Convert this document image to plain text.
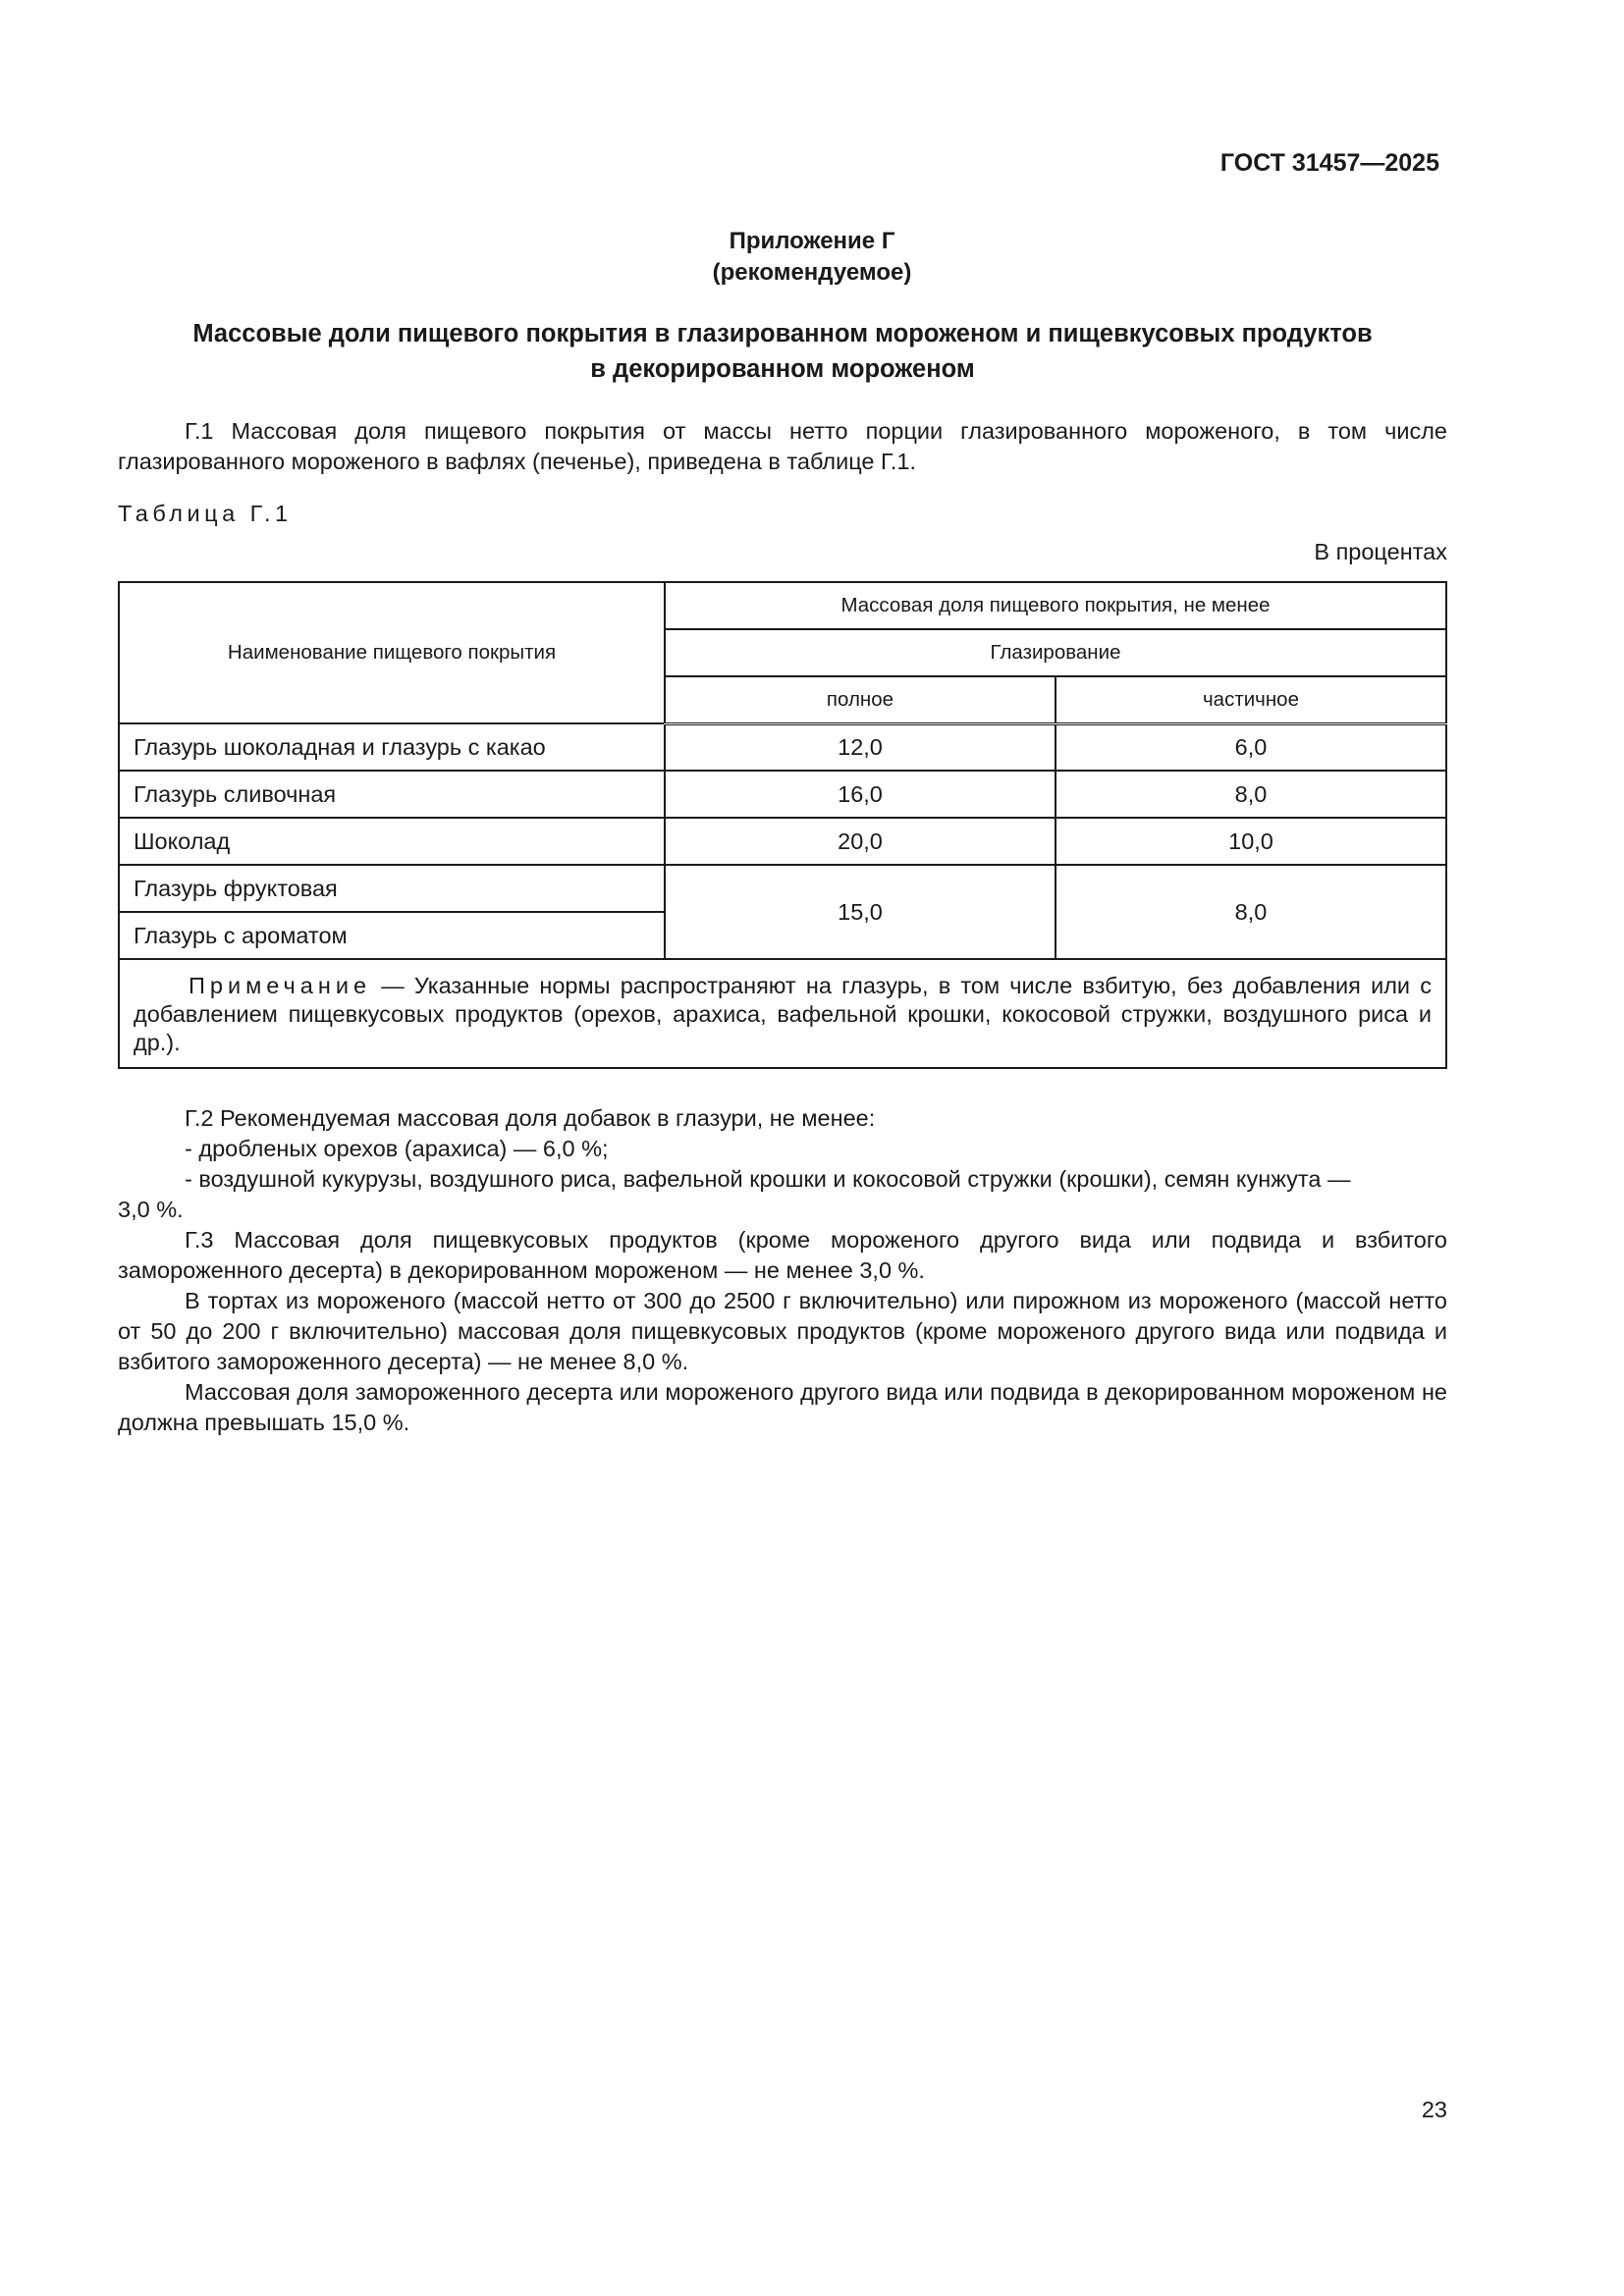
ГОСТ 31457—2025
Приложение Г
(рекомендуемое)
Массовые доли пищевого покрытия в глазированном мороженом и пищевкусовых продуктов
в декорированном мороженом

Г.1 Массовая доля пищевого покрытия от массы нетто порции глазированного мороженого, в том числе глазированного мороженого в вафлях (печенье), приведена в таблице Г.1.

Таблица Г.1
В процентах
Наименование пищевого покрытия	Массовая доля пищевого покрытия, не менее	
	Глазирование	
	полное	частичное
Глазурь шоколадная и глазурь с какао	12,0	6,0
Глазурь сливочная	16,0	8,0
Шоколад	20,0	10,0
Глазурь фруктовая	15,0	8,0
Глазурь с ароматом		
Примечание — Указанные нормы распространяют на глазурь, в том числе взбитую, без добавления или с добавлением пищевкусовых продуктов (орехов, арахиса, вафельной крошки, кокосовой стружки, воздушного риса и др.).		

Г.2 Рекомендуемая массовая доля добавок в глазури, не менее:

- дробленых орехов (арахиса) — 6,0 %;

- воздушной кукурузы, воздушного риса, вафельной крошки и кокосовой стружки (крошки), семян кунжута —

3,0 %.

Г.3 Массовая доля пищевкусовых продуктов (кроме мороженого другого вида или подвида и взбитого замороженного десерта) в декорированном мороженом — не менее 3,0 %.

В тортах из мороженого (массой нетто от 300 до 2500 г включительно) или пирожном из мороженого (массой нетто от 50 до 200 г включительно) массовая доля пищевкусовых продуктов (кроме мороженого другого вида или подвида и взбитого замороженного десерта) — не менее 8,0 %.

Массовая доля замороженного десерта или мороженого другого вида или подвида в декорированном мороженом не должна превышать 15,0 %.

23
